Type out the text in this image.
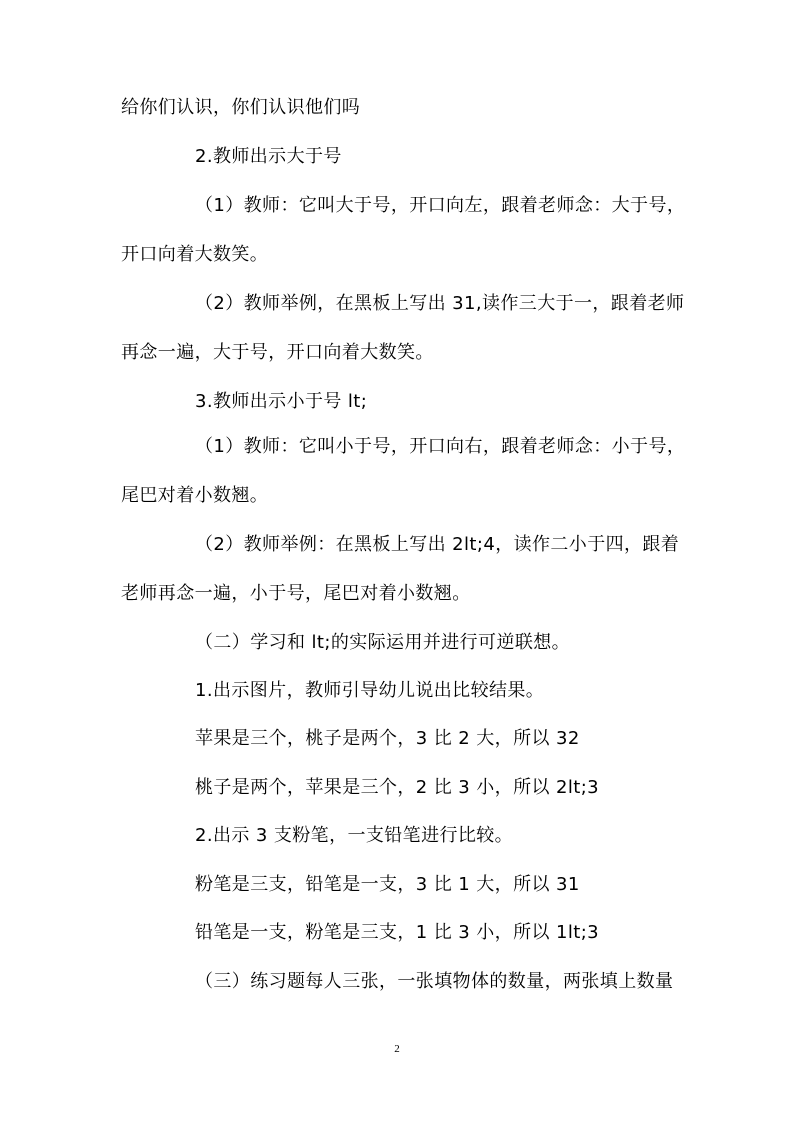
给你们认识，你们认识他们吗
2.教师出示大于号
（1）教师：它叫大于号，开口向左，跟着老师念：大于号，
开口向着大数笑。
（2）教师举例，在黑板上写出 31,读作三大于一，跟着老师
再念一遍，大于号，开口向着大数笑。
3.教师出示小于号 lt;
（1）教师：它叫小于号，开口向右，跟着老师念：小于号，
尾巴对着小数翘。
（2）教师举例：在黑板上写出 2lt;4，读作二小于四，跟着
老师再念一遍，小于号，尾巴对着小数翘。
（二）学习和 lt;的实际运用并进行可逆联想。
1.出示图片，教师引导幼儿说出比较结果。
苹果是三个，桃子是两个，3 比 2 大，所以 32
桃子是两个，苹果是三个，2 比 3 小，所以 2lt;3
2.出示 3 支粉笔，一支铅笔进行比较。
粉笔是三支，铅笔是一支，3 比 1 大，所以 31
铅笔是一支，粉笔是三支，1 比 3 小，所以 1lt;3
（三）练习题每人三张，一张填物体的数量，两张填上数量
2
